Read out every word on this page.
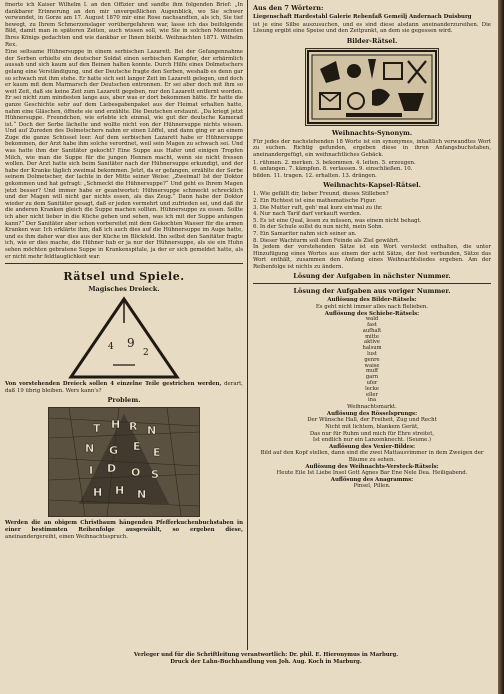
fmerte ich Kaiser Wilhelm I. an den Offizier und sandte ihm folgenden Brief: „In dankbarer Erinnerung an den mir unvergeßlichen Augenblick, wo Sie schwer verwundet, in Gorze am 17. August 1870 mir eine Rose nachsandten, als ich, Sie tief bewegt, zu Ihrem Schmerzenslager vorübergefahren war, lasse ich das beifolgende Bild, damit man in späteren Zeiten, auch wissen soll, wie Sie in solchen Momenten Ihres Königs gedachten und wie dankbar er Ihnen bleibt. Weihnachten 1871. Wilhelm Rex.

Eine seltsame Hühnersuppe in einem serbischen Lazarett. Bei der Gefangennahme der Serben erhielte ein deutscher Soldat einen serbischen Kampfer, der erbärmlich aussah und sich kaum auf den Beinen halten konnte. Durch Hilfe eines Dolmetschers gelang eine Verständigung, und der Deutsche fragte den Serben, weshalb es denn gar so schwach mit ihm stehe. Er hatte sich seit langer Zeit im Lazarett gelegen, und doch er kaum mit dem Marmarsch der Deutschen entronnen. Er sei aber doch mit ihm so weit Zeit, daß sie keine Zeit zum Lazarett gegeben, nur den Lazarett entfernt worden. Er sei nicht zum mindesten lange aus, aber was er dort bekommen hätte. Er hatte die ganze Geschichte sehr auf dem Liebesgabenpaket aus der Heimat erhalten hatte, nahm eine Gläschen, öffnete sie und erzählte. Die Deutschen erstaunt. „Da kriegt jetzt Hühnersuppe. Freundchen, wie erlebte ich einmal, wie gut der deutsche Kamerad ist.“ Doch der Serbe lächelte und wollte nicht von der Hühnersuppe nichts wissen. Und auf Zureden des Dolmetschers nahm er einen Löffel, und dann ging er an einem Zuge die ganze Schüssel leer. Auf dem serbischen Lazarett habe er Hühnersuppe bekommen, der Arzt habe ihm solche verordnet, weil sein Magen zu schwach sei. Und was hatte ihm der Sanitäter gekocht? Eine Suppe aus Hafer und einigen Tropfen Milch, wie man die Suppe für die jungen Hennen macht, wenn sie nicht fressen wollen. Der Arzt hatte sich beim Sanitäter nach der Hühnersuppe erkundigt, und der habe der Kranke täglich zweimal bekommen. Jetzt, da er gefangen, erzählte der Serbe seinem Dolmetscher, der lachte in der Mitte seiner Weise: „Zweimal! Ist der Doktor gekommen und hat gefragt: „Schmeckt die Hühnersuppe?“ Und geht es Ihrem Magen jetzt besser? Und immer habe er geantwortet: Hühnersuppe schmeckt schrecklich und der Magen will nicht gar nichts essen, als das Zeug.“ Dann habe der Doktor wieder zu dem Sanitäter gesagt, daß er jeden vermehrt und zufrieden sei, und daß ihr die anderen Kranken gleich die Suppe machen sollten. Hühnersuppe zu essen. Sollte ich aber nicht lieber in die Küche gehen und sehen, was ich mit der Suppe anfangen kann?“ Der Sanitäter aber schon vorbereitet mit dem Gekochten Wasser für die armen Kranken war. Ich erklärte ihm, daß ich auch dies auf die Hühnersuppe im Auge hatte, und es ihm daher war dies aus der Küche im Blickfeld. Ihn selbst den Sanitäter fragte ich, wie er dies mache, die Hühner hab er ja nur der Hühnersuppe, als sie ein Huhn sehen möchten gebratene Suppe in Krankenspitale, ja der er sich gemeldet hatte, als er nicht mehr feldtauglichkeit war.

Rätsel und Spiele.
Magisches Dreieck.
4 9
2

Von vorstehenden Dreieck sollen 4 einzelne Teile gestrichen werden, derart, daß 19 übrig bleiben. Wers kann's?

Problem.
T H R N
N G E E
I D O S
H H N

Werden die an obigem Christbaum hängenden Pfefferkuchenbuchstaben in einer bestimmten Reihenfolge ausgewählt, so ergeben diese, aneinandergereiht, einen Weihnachtsspruch.

Aus den 7 Wörtern:

Liegenschaft Hardestahl Galerie Rebenfaß Gemeilj Andernach Duisburg

ist je eine Silbe auszusuchen, und es sind diese alsdann aneinanderzureihen. Die Lösung ergibt eine Speise und den Zeitpunkt, an dem sie gegessen wird.

Bilder-Rätsel.
Weihnachts-Synonym.

Für jedes der nachstehenden 18 Worte ist ein synonymes, inhaltlich verwandtes Wort zu suchen. Richtig gefunden, ergeben diese in ihren Anfangsbuchstaben, aneinandergefügt, ein weihnachtliches Gebäck.

1. rühmen. 2. merken. 3. bekommen. 4. leiten. 5. erzeugen.

6. anfangen. 7. kämpfen. 8. verlassen. 9. einschließen. 10.

bilden. 11. tragen. 12. erhalten. 13. drängen.

Weihnachts-Kapsel-Rätsel.

1. Wie gefällt dir, lieber Freund, dieses Stilleben?

2. Ein Richtest ist eine mathematische Figur.

3. Die Mutter ruft, geh' mal kurz ein'mal zu ihr.

4. Nur nach Tarif darf verkauft werden.

5. Es ist eine Qual, lesen zu müssen, was einem nicht behagt.

6. In der Schule sollst du nun nicht, mein Sohn.

7. Ein Samariter nahm sich seiner an.

8. Dieser Wachturm soll dem Feinde als Ziel gewährt.

In jedem der vorstehenden Sätze ist ein Wort versteckt enthalten, die unter Hinzufügung eines Wortes aus einem der acht Sätze, der fest verbunden, Sätze das Wort enthält, zusammen den Anfang eines Weihnachtsliedes ergeben. Am der Reihenfolge ist nichts zu ändern.

Lösung der Aufgaben in nächster Nummer.
Lösung der Aufgaben aus voriger Nummer.
Auflösung des Bilder-Rätsels:
Es geht nicht immer alles nach Belieben.
Auflösung des Schiebe-Rätsels:

wald

fast

aufhalt

mitte

aktive

halsum

lust

genre

waise

muff

garn

ufer

lecke

eller

ina

Weihnachtsmarkt.
Auflösung des Rösselsprungs:

Der Wünsche Hall, der Freiheit, Zug und Recht

Nicht mit lichtem, blankem Gerät,

Das nur für Ruhm und mich für Ehre streitet,

Ist endlich nur ein Lanzenknecht. (Seume.)

Auflösung des Vexier-Bildes:

Bild auf den Kopf stellen, dann sind die zwei Mattausvimmer in dem Zweigen der Bäume zu sehen.

Auflösung des Weihnachts-Versteck-Rätsels:

Heute Eile Ist Liebe Insel Gott Agnes Bar Ene Nele Dea. Heiligabend.

Auflösung des Anagramms:

Pinsel, Pillen.

Verleger und für die Schriftleitung verantwortlich: Dr. phil. E. Hieronymus in Marburg.
Druck der Lahn-Buchhandlung von Joh. Aug. Koch in Marburg.
